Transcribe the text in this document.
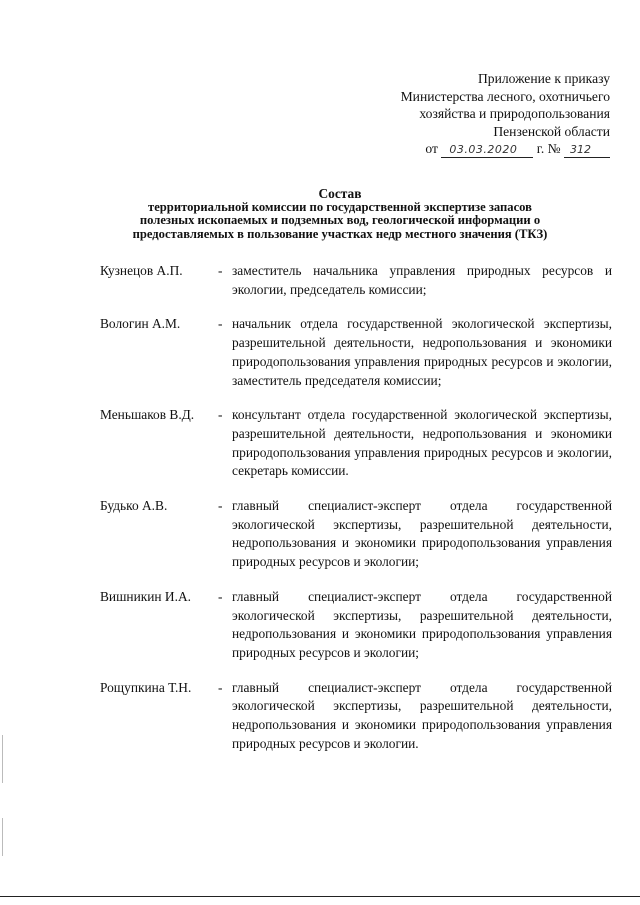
Приложение к приказу
Министерства лесного, охотничьего
хозяйства и природопользования
Пензенской области
от 03.03.2020 г. № 312
Состав
территориальной комиссии по государственной экспертизе запасов
полезных ископаемых и подземных вод, геологической информации о
предоставляемых в пользование участках недр местного значения (ТКЗ)
Кузнецов А.П.	- заместитель начальника управления природных ресурсов и экологии, председатель комиссии;
Вологин А.М.	- начальник отдела государственной экологической экспертизы, разрешительной деятельности, недропользования и экономики природопользования управления природных ресурсов и экологии, заместитель председателя комиссии;
Меньшаков В.Д.	- консультант отдела государственной экологической экспертизы, разрешительной деятельности, недропользования и экономики природопользования управления природных ресурсов и экологии, секретарь комиссии.
Будько А.В.	- главный специалист-эксперт отдела государственной экологической экспертизы, разрешительной деятельности, недропользования и экономики природопользования управления природных ресурсов и экологии;
Вишникин И.А.	- главный специалист-эксперт отдела государственной экологической экспертизы, разрешительной деятельности, недропользования и экономики природопользования управления природных ресурсов и экологии;
Рощупкина Т.Н.	- главный специалист-эксперт отдела государственной экологической экспертизы, разрешительной деятельности, недропользования и экономики природопользования управления природных ресурсов и экологии.
